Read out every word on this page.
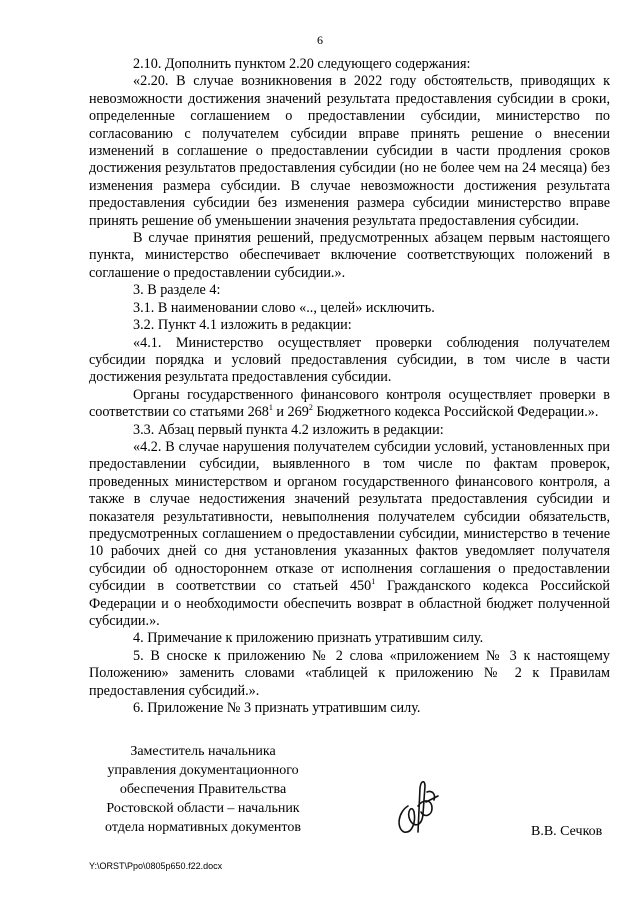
6

2.10. Дополнить пунктом 2.20 следующего содержания:

«2.20. В случае возникновения в 2022 году обстоятельств, приводящих к невозможности достижения значений результата предоставления субсидии в сроки, определенные соглашением о предоставлении субсидии, министерство по согласованию с получателем субсидии вправе принять решение о внесении изменений в соглашение о предоставлении субсидии в части продления сроков достижения результатов предоставления субсидии (но не более чем на 24 месяца) без изменения размера субсидии. В случае невозможности достижения результата предоставления субсидии без изменения размера субсидии министерство вправе принять решение об уменьшении значения результата предоставления субсидии.

В случае принятия решений, предусмотренных абзацем первым настоящего пункта, министерство обеспечивает включение соответствующих положений в соглашение о предоставлении субсидии.».

3. В разделе 4:

3.1. В наименовании слово «.., целей» исключить.

3.2. Пункт 4.1 изложить в редакции:

«4.1. Министерство осуществляет проверки соблюдения получателем субсидии порядка и условий предоставления субсидии, в том числе в части достижения результата предоставления субсидии.

Органы государственного финансового контроля осуществляет проверки в соответствии со статьями $268^1$ и $269^2$ Бюджетного кодекса Российской Федерации.».

3.3. Абзац первый пункта 4.2 изложить в редакции:

«4.2. В случае нарушения получателем субсидии условий, установленных при предоставлении субсидии, выявленного в том числе по фактам проверок, проведенных министерством и органом государственного финансового контроля, а также в случае недостижения значений результата предоставления субсидии и показателя результативности, невыполнения получателем субсидии обязательств, предусмотренных соглашением о предоставлении субсидии, министерство в течение 10 рабочих дней со дня установления указанных фактов уведомляет получателя субсидии об одностороннем отказе от исполнения соглашения о предоставлении субсидии в соответствии со статьей $450^1$ Гражданского кодекса Российской Федерации и о необходимости обеспечить возврат в областной бюджет полученной субсидии.».

4. Примечание к приложению признать утратившим силу.

5. В сноске к приложению № 2 слова «приложением № 3 к настоящему Положению» заменить словами «таблицей к приложению № 2 к Правилам предоставления субсидий.».

6. Приложение № 3 признать утратившим силу.

Заместитель начальника
управления документационного
обеспечения Правительства
Ростовской области – начальник
отдела нормативных документов	В.В. Сечков
Y:\ORST\Ppo\0805p650.f22.docx
